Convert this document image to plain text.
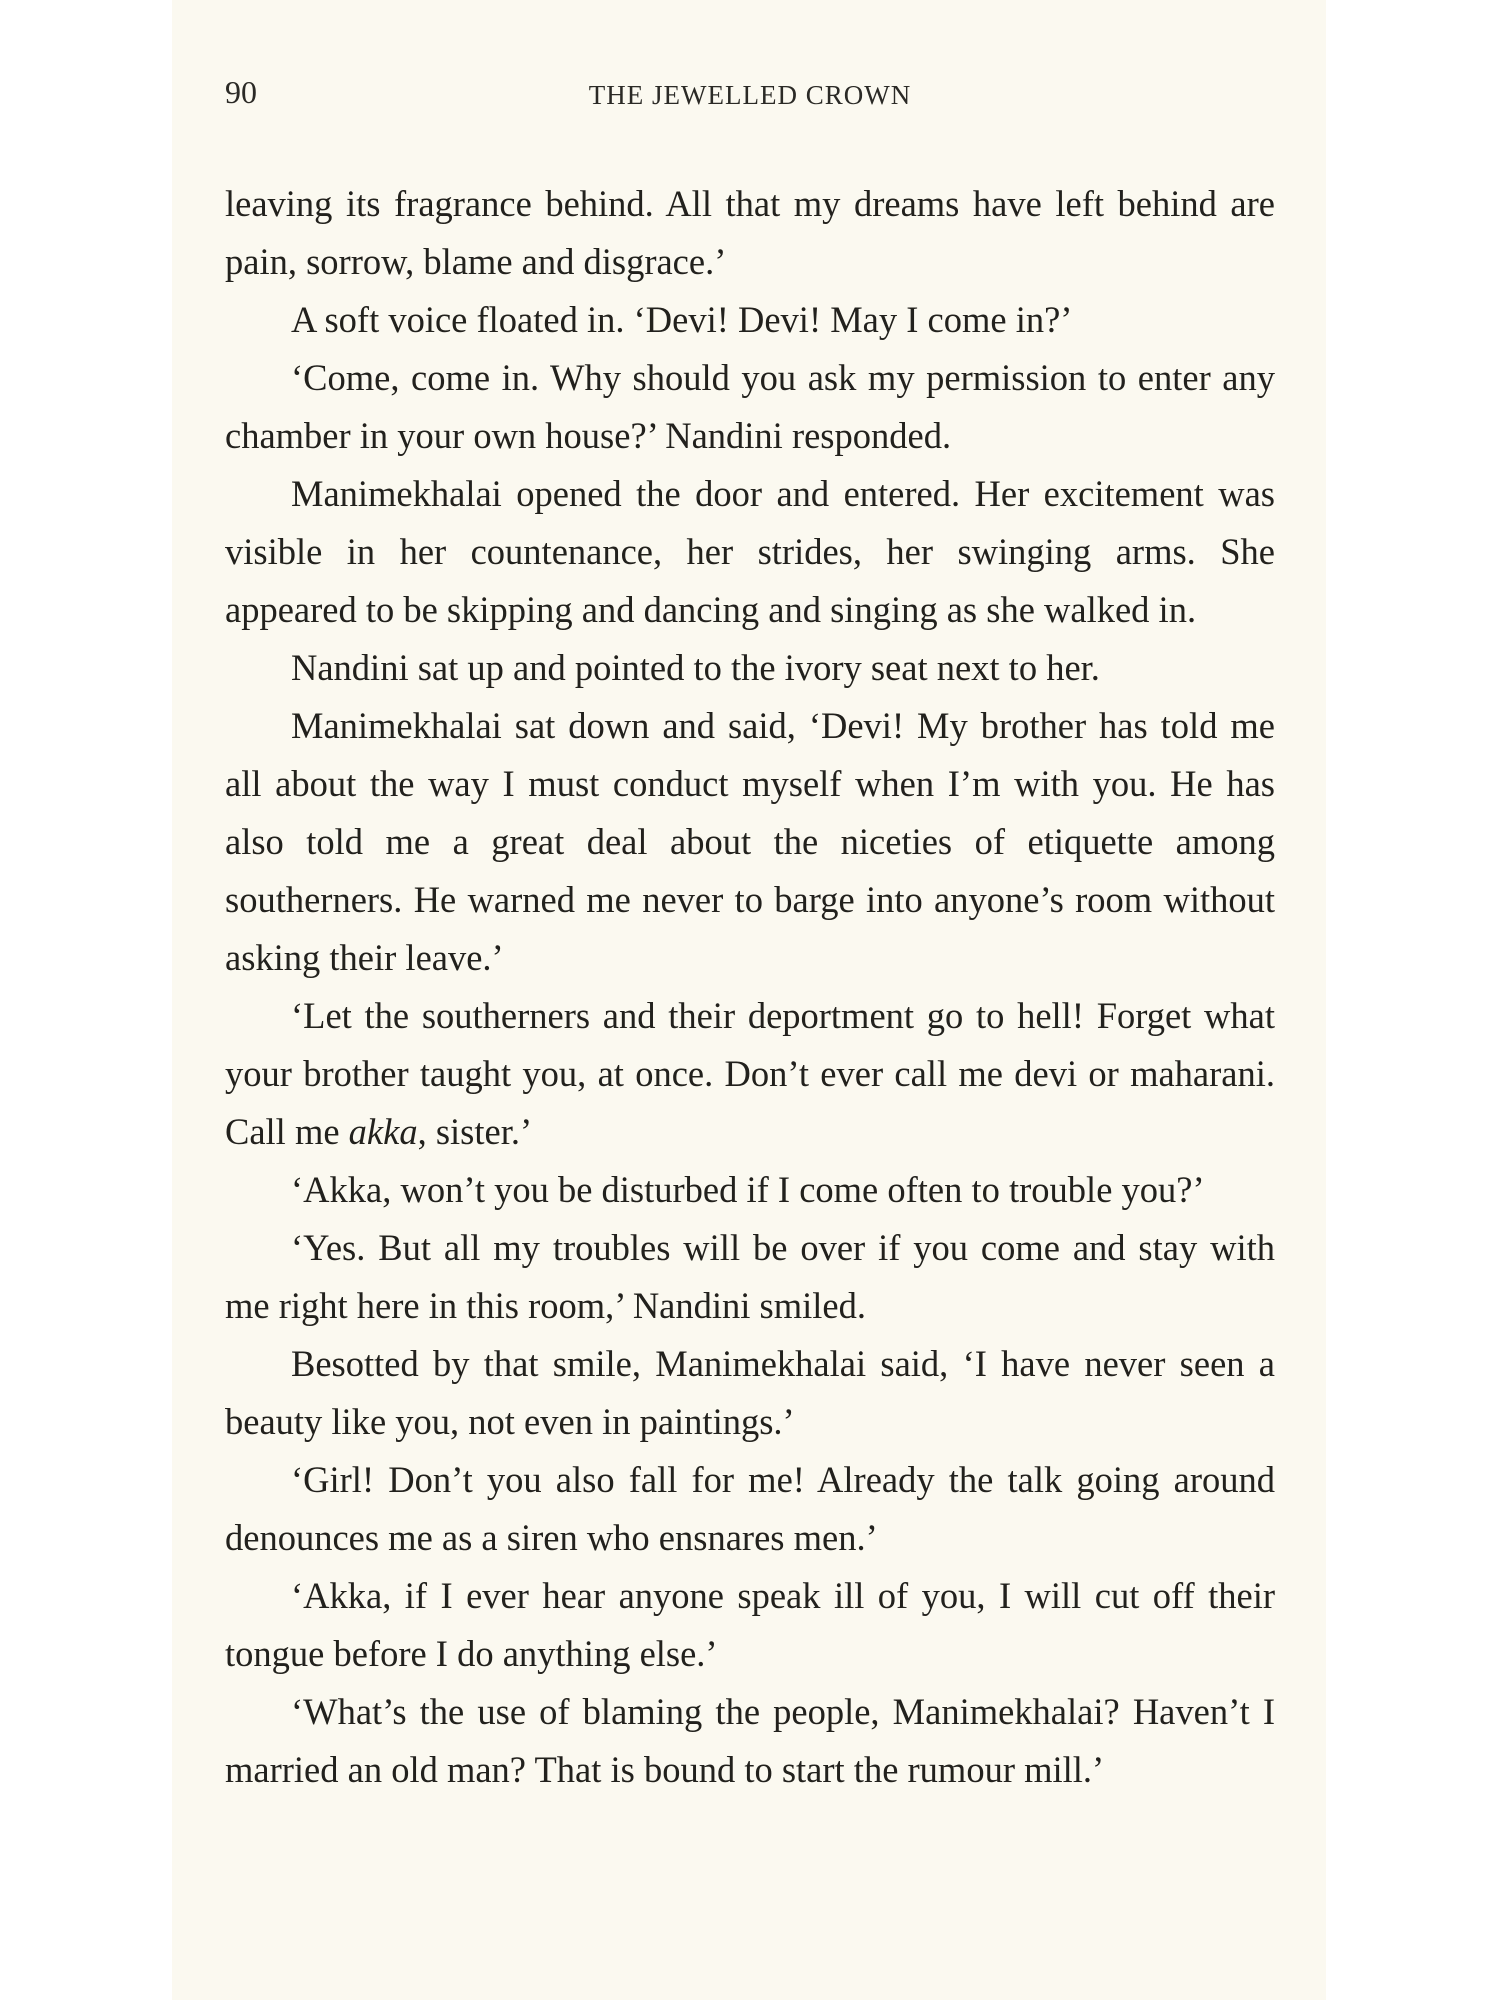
90	THE JEWELLED CROWN

leaving its fragrance behind. All that my dreams have left behind are pain, sorrow, blame and disgrace.’

A soft voice floated in. ‘Devi! Devi! May I come in?’

‘Come, come in. Why should you ask my permission to enter any chamber in your own house?’ Nandini responded.

Manimekhalai opened the door and entered. Her excitement was visible in her countenance, her strides, her swinging arms. She appeared to be skipping and dancing and singing as she walked in.

Nandini sat up and pointed to the ivory seat next to her.

Manimekhalai sat down and said, ‘Devi! My brother has told me all about the way I must conduct myself when I’m with you. He has also told me a great deal about the niceties of etiquette among southerners. He warned me never to barge into anyone’s room without asking their leave.’

‘Let the southerners and their deportment go to hell! Forget what your brother taught you, at once. Don’t ever call me devi or maharani. Call me akka, sister.’

‘Akka, won’t you be disturbed if I come often to trouble you?’

‘Yes. But all my troubles will be over if you come and stay with me right here in this room,’ Nandini smiled.

Besotted by that smile, Manimekhalai said, ‘I have never seen a beauty like you, not even in paintings.’

‘Girl! Don’t you also fall for me! Already the talk going around denounces me as a siren who ensnares men.’

‘Akka, if I ever hear anyone speak ill of you, I will cut off their tongue before I do anything else.’

‘What’s the use of blaming the people, Manimekhalai? Haven’t I married an old man? That is bound to start the rumour mill.’
